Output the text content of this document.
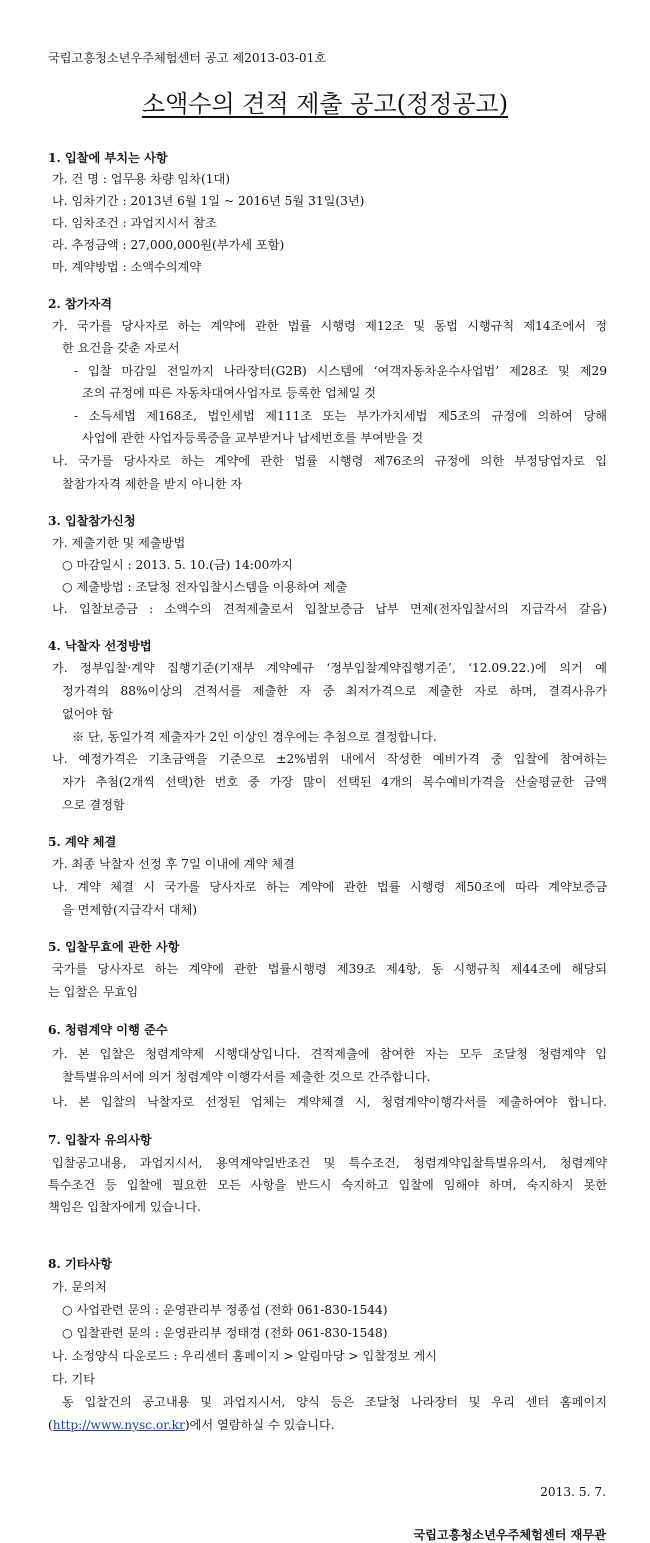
국립고흥청소년우주체험센터 공고 제2013-03-01호
소액수의 견적 제출 공고(정정공고)
1. 입찰에 부치는 사항
가. 건 명 : 업무용 차량 임차(1대)
나. 임차기간 : 2013년 6월 1일 ~ 2016년 5월 31일(3년)
다. 임차조건 : 과업지시서 참조
라. 추정금액 : 27,000,000원(부가세 포함)
마. 계약방법 : 소액수의계약
2. 참가자격
가. 국가를 당사자로 하는 계약에 관한 법률 시행령 제12조 및 동법 시행규칙 제14조에서 정
한 요건을 갖춘 자로서
- 입찰 마감일 전일까지 나라장터(G2B) 시스템에 ‘여객자동차운수사업법’ 제28조 및 제29
조의 규정에 따른 자동차대여사업자로 등록한 업체일 것
- 소득세법 제168조, 법인세법 제111조 또는 부가가치세법 제5조의 규정에 의하여 당해
사업에 관한 사업자등록증을 교부받거나 납세번호를 부여받을 것
나. 국가를 당사자로 하는 계약에 관한 법률 시행령 제76조의 규정에 의한 부정당업자로 입
찰참가자격 제한을 받지 아니한 자
3. 입찰참가신청
가. 제출기한 및 제출방법
○ 마감일시 : 2013. 5. 10.(금) 14:00까지
○ 제출방법 : 조달청 전자입찰시스템을 이용하여 제출
나. 입찰보증금 : 소액수의 견적제출로서 입찰보증금 납부 면제(전자입찰서의 지급각서 갈음)
4. 낙찰자 선정방법
가. 정부입찰·계약 집행기준(기재부 계약예규 ‘정부입찰계약집행기준’, ‘12.09.22.)에 의거 예
정가격의 88%이상의 견적서를 제출한 자 중 최저가격으로 제출한 자로 하며, 결격사유가
없어야 함
※ 단, 동일가격 제출자가 2인 이상인 경우에는 추첨으로 결정합니다.
나. 예정가격은 기초금액을 기준으로 ±2%범위 내에서 작성한 예비가격 중 입찰에 참여하는
자가 추첨(2개씩 선택)한 번호 중 가장 많이 선택된 4개의 복수예비가격을 산술평균한 금액
으로 결정함
5. 계약 체결
가. 최종 낙찰자 선정 후 7일 이내에 계약 체결
나. 계약 체결 시 국가를 당사자로 하는 계약에 관한 법률 시행령 제50조에 따라 계약보증금
을 면제함(지급각서 대체)
5. 입찰무효에 관한 사항
국가를 당사자로 하는 계약에 관한 법률시행령 제39조 제4항, 동 시행규칙 제44조에 해당되
는 입찰은 무효임
6. 청렴계약 이행 준수
가. 본 입찰은 청렴계약제 시행대상입니다. 견적제출에 참여한 자는 모두 조달청 청렴계약 입
찰특별유의서에 의거 청렴계약 이행각서를 제출한 것으로 간주합니다.
나. 본 입찰의 낙찰자로 선정된 업체는 계약체결 시, 청렴계약이행각서를 제출하여야 합니다.
7. 입찰자 유의사항
입찰공고내용, 과업지시서, 용역계약일반조건 및 특수조건, 청렴계약입찰특별유의서, 청렴계약
특수조건 등 입찰에 필요한 모든 사항을 반드시 숙지하고 입찰에 임해야 하며, 숙지하지 못한
책임은 입찰자에게 있습니다.
8. 기타사항
가. 문의처
○ 사업관련 문의 : 운영관리부 정종섭 (전화 061-830-1544)
○ 입찰관련 문의 : 운영관리부 정태경 (전화 061-830-1548)
나. 소정양식 다운로드 : 우리센터 홈페이지 > 알림마당 > 입찰정보 게시
다. 기타
동 입찰건의 공고내용 및 과업지시서, 양식 등은 조달청 나라장터 및 우리 센터 홈페이지
(http://www.nysc.or.kr)에서 열람하실 수 있습니다.
2013. 5. 7.
국립고흥청소년우주체험센터 재무관
